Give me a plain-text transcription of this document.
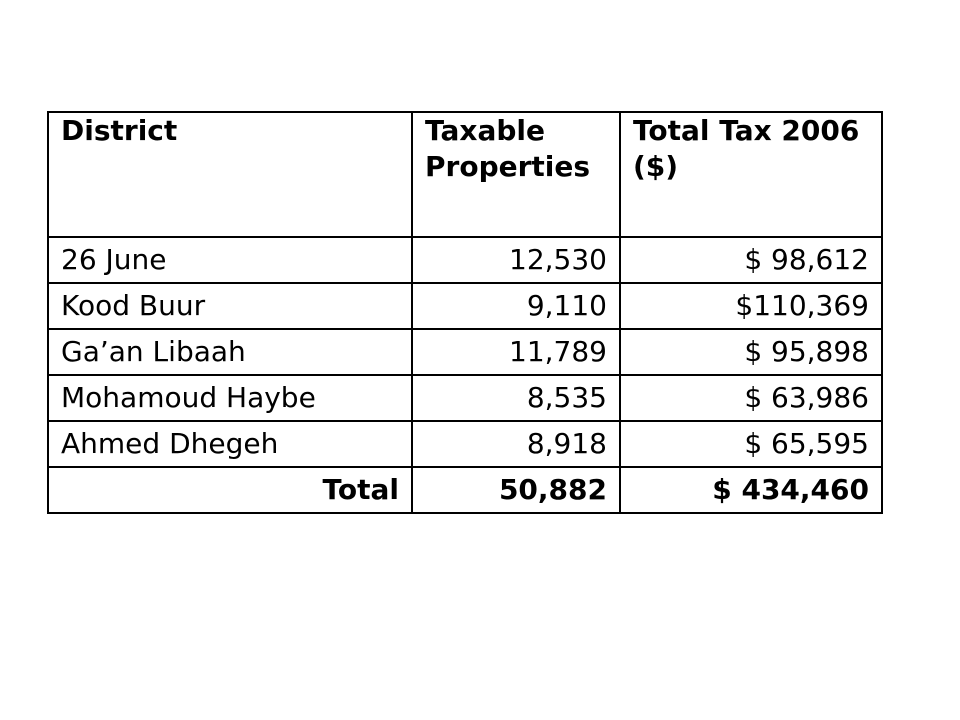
District	Taxable Properties	Total Tax 2006 ($)
26 June	12,530	$ 98,612
Kood Buur	9,110	$110,369
Ga’an Libaah	11,789	$ 95,898
Mohamoud Haybe	8,535	$ 63,986
Ahmed Dhegeh	8,918	$ 65,595
Total	50,882	$ 434,460
